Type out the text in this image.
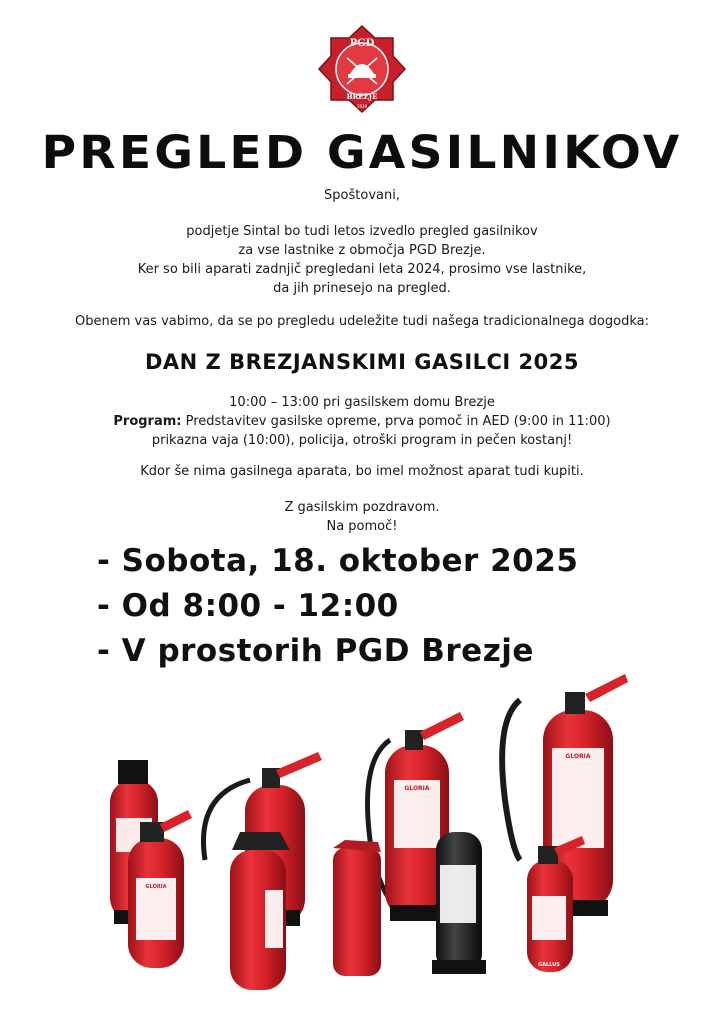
PGD
BREZJE
1939
PREGLED GASILNIKOV
Spoštovani,
podjetje Sintal bo tudi letos izvedlo pregled gasilnikov
za vse lastnike z območja PGD Brezje.
Ker so bili aparati zadnjič pregledani leta 2024, prosimo vse lastnike,
da jih prinesejo na pregled.
Obenem vas vabimo, da se po pregledu udeležite tudi našega tradicionalnega dogodka:
DAN Z BREZJANSKIMI GASILCI 2025
10:00 – 13:00 pri gasilskem domu Brezje
Program: Predstavitev gasilske opreme, prva pomoč in AED (9:00 in 11:00)
prikazna vaja (10:00), policija, otroški program in pečen kostanj!
Kdor še nima gasilnega aparata, bo imel možnost aparat tudi kupiti.
Z gasilskim pozdravom.
Na pomoč!
- Sobota, 18. oktober 2025
- Od 8:00 - 12:00
- V prostorih PGD Brezje
GLORIA
GLORIA
GLORIA
GALLUS
